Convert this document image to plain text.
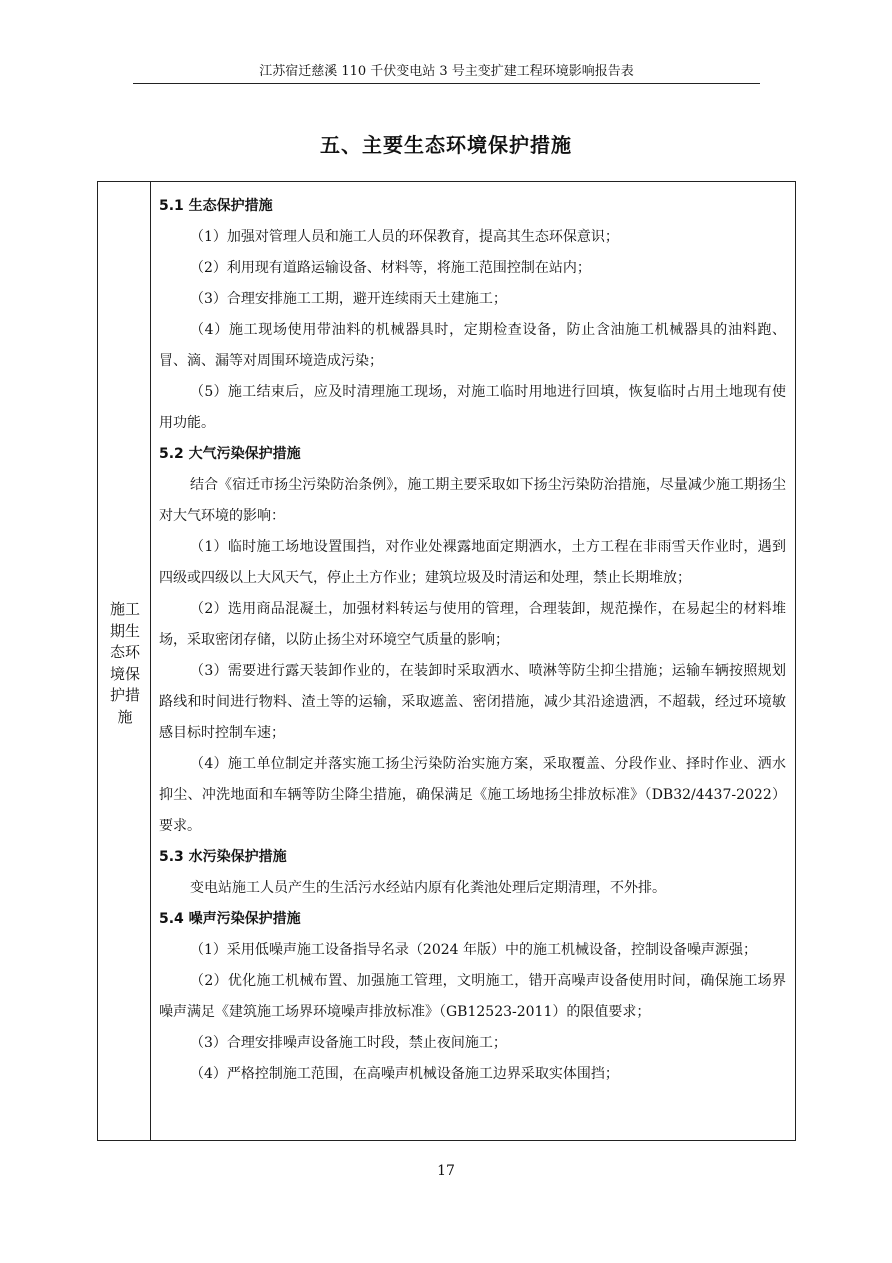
江苏宿迁慈溪 110 千伏变电站 3 号主变扩建工程环境影响报告表
五、主要生态环境保护措施
施工期生态环境保护措施
5.1 生态保护措施

（1）加强对管理人员和施工人员的环保教育，提高其生态环保意识；

（2）利用现有道路运输设备、材料等，将施工范围控制在站内；

（3）合理安排施工工期，避开连续雨天土建施工；

（4）施工现场使用带油料的机械器具时，定期检查设备，防止含油施工机械器具的油料跑、冒、滴、漏等对周围环境造成污染；

（5）施工结束后，应及时清理施工现场，对施工临时用地进行回填，恢复临时占用土地现有使用功能。

5.2 大气污染保护措施

结合《宿迁市扬尘污染防治条例》，施工期主要采取如下扬尘污染防治措施，尽量减少施工期扬尘对大气环境的影响：

（1）临时施工场地设置围挡，对作业处裸露地面定期洒水，土方工程在非雨雪天作业时，遇到四级或四级以上大风天气，停止土方作业；建筑垃圾及时清运和处理，禁止长期堆放；

（2）选用商品混凝土，加强材料转运与使用的管理，合理装卸，规范操作，在易起尘的材料堆场，采取密闭存储，以防止扬尘对环境空气质量的影响；

（3）需要进行露天装卸作业的，在装卸时采取洒水、喷淋等防尘抑尘措施；运输车辆按照规划路线和时间进行物料、渣土等的运输，采取遮盖、密闭措施，减少其沿途遗洒，不超载，经过环境敏感目标时控制车速；

（4）施工单位制定并落实施工扬尘污染防治实施方案，采取覆盖、分段作业、择时作业、洒水抑尘、冲洗地面和车辆等防尘降尘措施，确保满足《施工场地扬尘排放标准》（DB32/4437-2022）要求。

5.3 水污染保护措施

变电站施工人员产生的生活污水经站内原有化粪池处理后定期清理，不外排。

5.4 噪声污染保护措施

（1）采用低噪声施工设备指导名录（2024 年版）中的施工机械设备，控制设备噪声源强；

（2）优化施工机械布置、加强施工管理，文明施工，错开高噪声设备使用时间，确保施工场界噪声满足《建筑施工场界环境噪声排放标准》（GB12523-2011）的限值要求；

（3）合理安排噪声设备施工时段，禁止夜间施工；

（4）严格控制施工范围，在高噪声机械设备施工边界采取实体围挡；

17
